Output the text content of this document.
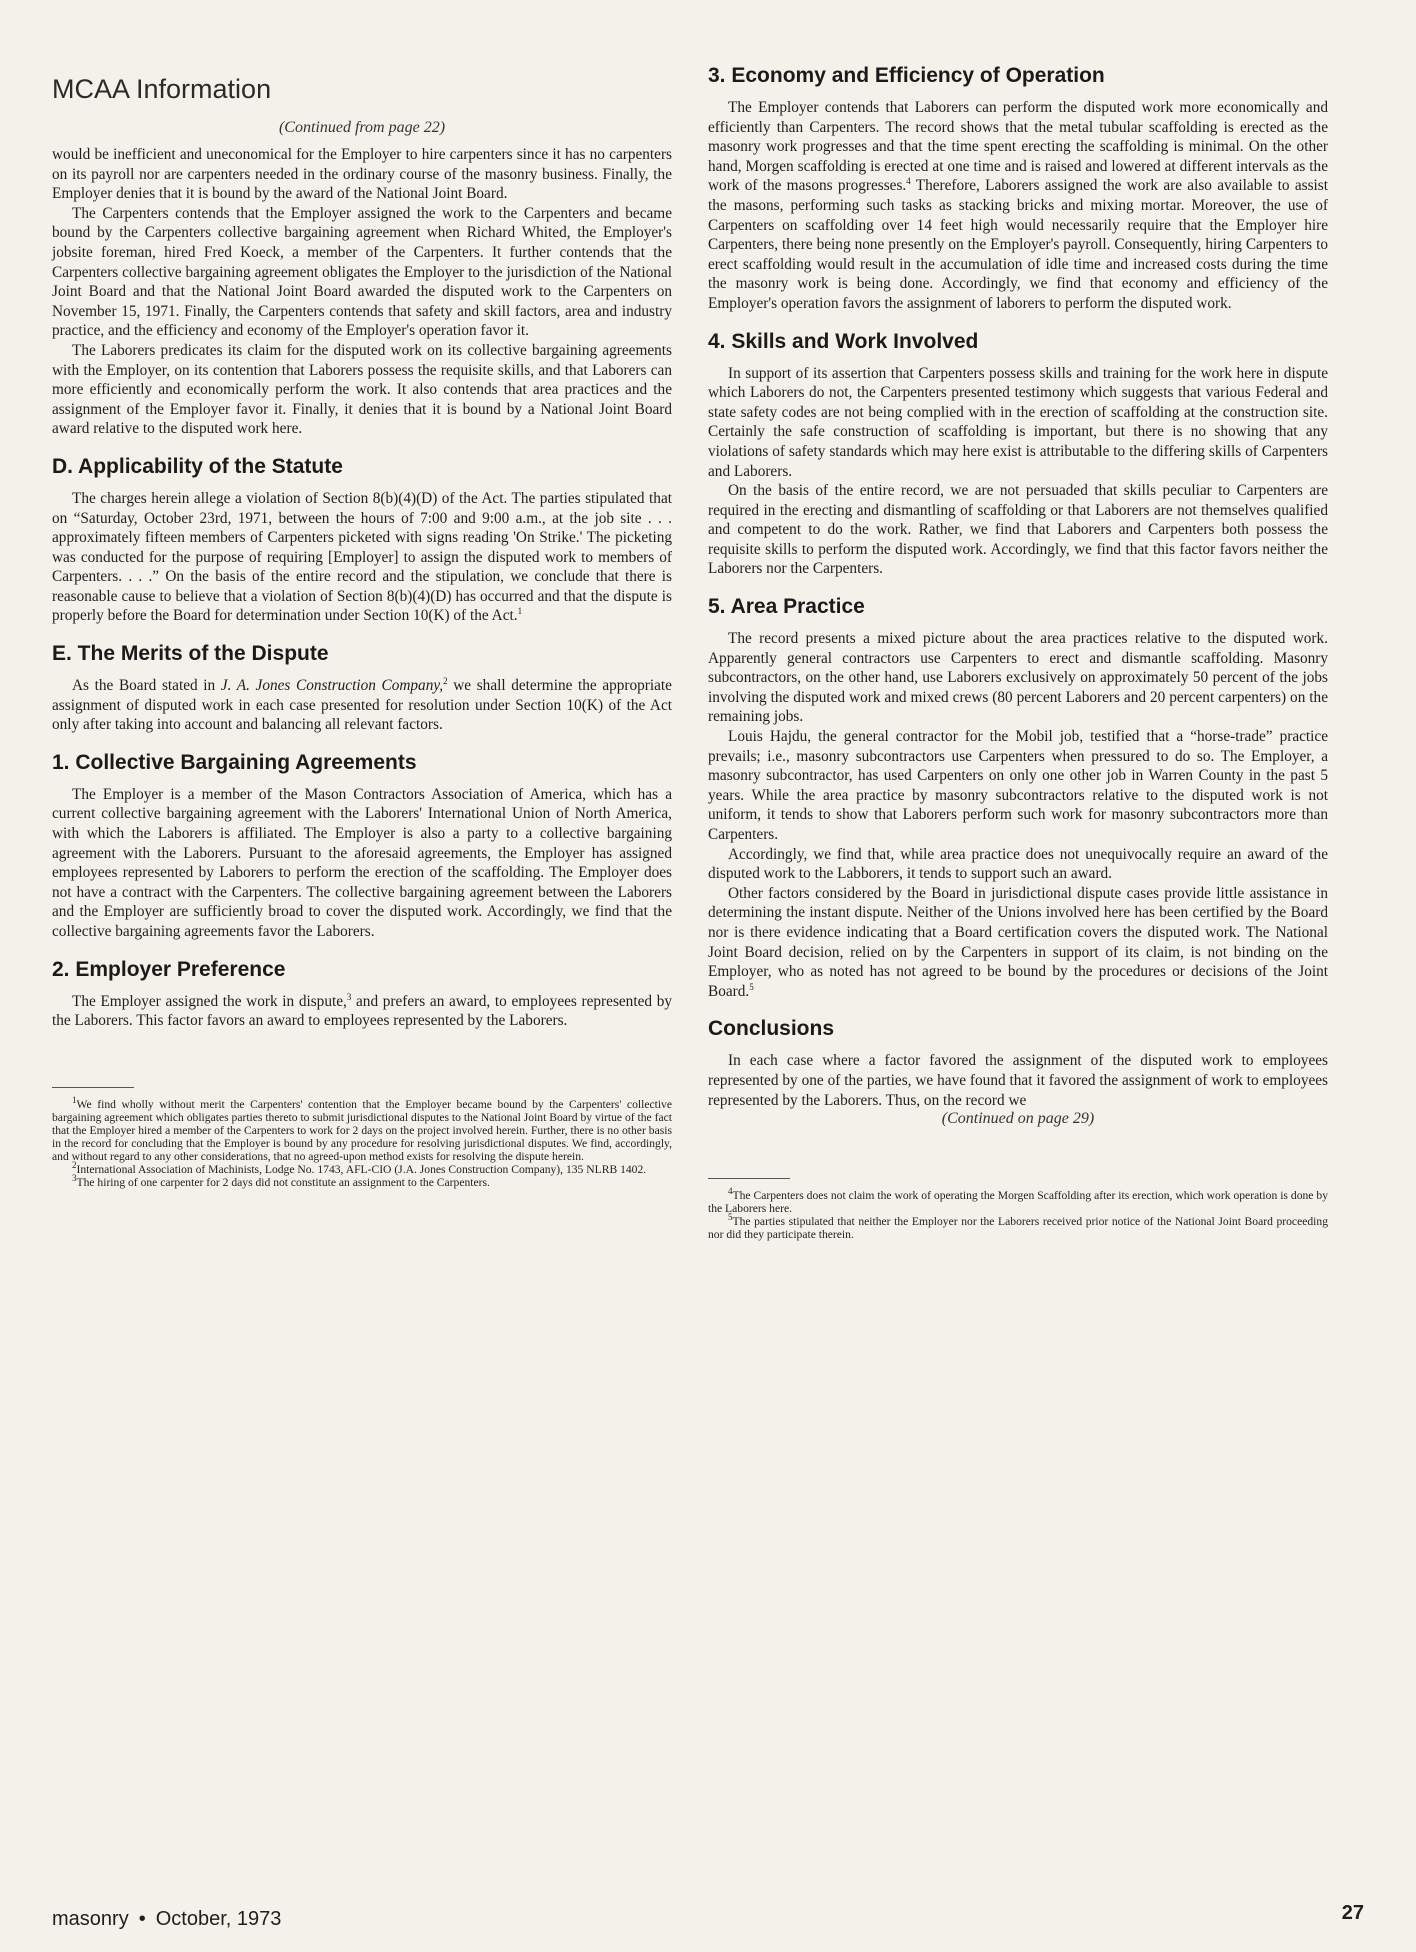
MCAA Information
(Continued from page 22)

would be inefficient and uneconomical for the Employer to hire carpenters since it has no carpenters on its payroll nor are carpenters needed in the ordinary course of the masonry business. Finally, the Employer denies that it is bound by the award of the National Joint Board.

The Carpenters contends that the Employer assigned the work to the Carpenters and became bound by the Carpenters collective bargaining agreement when Richard Whited, the Employer's jobsite foreman, hired Fred Koeck, a member of the Carpenters. It further contends that the Carpenters collective bargaining agreement obligates the Employer to the jurisdiction of the National Joint Board and that the National Joint Board awarded the disputed work to the Carpenters on November 15, 1971. Finally, the Carpenters contends that safety and skill factors, area and industry practice, and the efficiency and economy of the Employer's operation favor it.

The Laborers predicates its claim for the disputed work on its collective bargaining agreements with the Employer, on its contention that Laborers possess the requisite skills, and that Laborers can more efficiently and economically perform the work. It also contends that area practices and the assignment of the Employer favor it. Finally, it denies that it is bound by a National Joint Board award relative to the disputed work here.

D. Applicability of the Statute

The charges herein allege a violation of Section 8(b)(4)(D) of the Act. The parties stipulated that on “Saturday, October 23rd, 1971, between the hours of 7:00 and 9:00 a.m., at the job site . . . approximately fifteen members of Carpenters picketed with signs reading 'On Strike.' The picketing was conducted for the purpose of requiring [Employer] to assign the disputed work to members of Carpenters. . . .” On the basis of the entire record and the stipulation, we conclude that there is reasonable cause to believe that a violation of Section 8(b)(4)(D) has occurred and that the dispute is properly before the Board for determination under Section 10(K) of the Act.$^1$

E. The Merits of the Dispute

As the Board stated in J. A. Jones Construction Company,$^2$ we shall determine the appropriate assignment of disputed work in each case presented for resolution under Section 10(K) of the Act only after taking into account and balancing all relevant factors.

1. Collective Bargaining Agreements

The Employer is a member of the Mason Contractors Association of America, which has a current collective bargaining agreement with the Laborers' International Union of North America, with which the Laborers is affiliated. The Employer is also a party to a collective bargaining agreement with the Laborers. Pursuant to the aforesaid agreements, the Employer has assigned employees represented by Laborers to perform the erection of the scaffolding. The Employer does not have a contract with the Carpenters. The collective bargaining agreement between the Laborers and the Employer are sufficiently broad to cover the disputed work. Accordingly, we find that the collective bargaining agreements favor the Laborers.

2. Employer Preference

The Employer assigned the work in dispute,$^3$ and prefers an award, to employees represented by the Laborers. This factor favors an award to employees represented by the Laborers.

$^1$We find wholly without merit the Carpenters' contention that the Employer became bound by the Carpenters' collective bargaining agreement which obligates parties thereto to submit jurisdictional disputes to the National Joint Board by virtue of the fact that the Employer hired a member of the Carpenters to work for 2 days on the project involved herein. Further, there is no other basis in the record for concluding that the Employer is bound by any procedure for resolving jurisdictional disputes. We find, accordingly, and without regard to any other considerations, that no agreed-upon method exists for resolving the dispute herein.

$^2$International Association of Machinists, Lodge No. 1743, AFL-CIO (J.A. Jones Construction Company), 135 NLRB 1402.

$^3$The hiring of one carpenter for 2 days did not constitute an assignment to the Carpenters.

3. Economy and Efficiency of Operation

The Employer contends that Laborers can perform the disputed work more economically and efficiently than Carpenters. The record shows that the metal tubular scaffolding is erected as the masonry work progresses and that the time spent erecting the scaffolding is minimal. On the other hand, Morgen scaffolding is erected at one time and is raised and lowered at different intervals as the work of the masons progresses.$^4$ Therefore, Laborers assigned the work are also available to assist the masons, performing such tasks as stacking bricks and mixing mortar. Moreover, the use of Carpenters on scaffolding over 14 feet high would necessarily require that the Employer hire Carpenters, there being none presently on the Employer's payroll. Consequently, hiring Carpenters to erect scaffolding would result in the accumulation of idle time and increased costs during the time the masonry work is being done. Accordingly, we find that economy and efficiency of the Employer's operation favors the assignment of laborers to perform the disputed work.

4. Skills and Work Involved

In support of its assertion that Carpenters possess skills and training for the work here in dispute which Laborers do not, the Carpenters presented testimony which suggests that various Federal and state safety codes are not being complied with in the erection of scaffolding at the construction site. Certainly the safe construction of scaffolding is important, but there is no showing that any violations of safety standards which may here exist is attributable to the differing skills of Carpenters and Laborers.

On the basis of the entire record, we are not persuaded that skills peculiar to Carpenters are required in the erecting and dismantling of scaffolding or that Laborers are not themselves qualified and competent to do the work. Rather, we find that Laborers and Carpenters both possess the requisite skills to perform the disputed work. Accordingly, we find that this factor favors neither the Laborers nor the Carpenters.

5. Area Practice

The record presents a mixed picture about the area practices relative to the disputed work. Apparently general contractors use Carpenters to erect and dismantle scaffolding. Masonry subcontractors, on the other hand, use Laborers exclusively on approximately 50 percent of the jobs involving the disputed work and mixed crews (80 percent Laborers and 20 percent carpenters) on the remaining jobs.

Louis Hajdu, the general contractor for the Mobil job, testified that a “horse-trade” practice prevails; i.e., masonry subcontractors use Carpenters when pressured to do so. The Employer, a masonry subcontractor, has used Carpenters on only one other job in Warren County in the past 5 years. While the area practice by masonry subcontractors relative to the disputed work is not uniform, it tends to show that Laborers perform such work for masonry subcontractors more than Carpenters.

Accordingly, we find that, while area practice does not unequivocally require an award of the disputed work to the Labborers, it tends to support such an award.

Other factors considered by the Board in jurisdictional dispute cases provide little assistance in determining the instant dispute. Neither of the Unions involved here has been certified by the Board nor is there evidence indicating that a Board certification covers the disputed work. The National Joint Board decision, relied on by the Carpenters in support of its claim, is not binding on the Employer, who as noted has not agreed to be bound by the procedures or decisions of the Joint Board.$^5$

Conclusions

In each case where a factor favored the assignment of the disputed work to employees represented by one of the parties, we have found that it favored the assignment of work to employees represented by the Laborers. Thus, on the record we

(Continued on page 29)

$^4$The Carpenters does not claim the work of operating the Morgen Scaffolding after its erection, which work operation is done by the Laborers here.

$^5$The parties stipulated that neither the Employer nor the Laborers received prior notice of the National Joint Board proceeding nor did they participate therein.

masonry • October, 1973	27
